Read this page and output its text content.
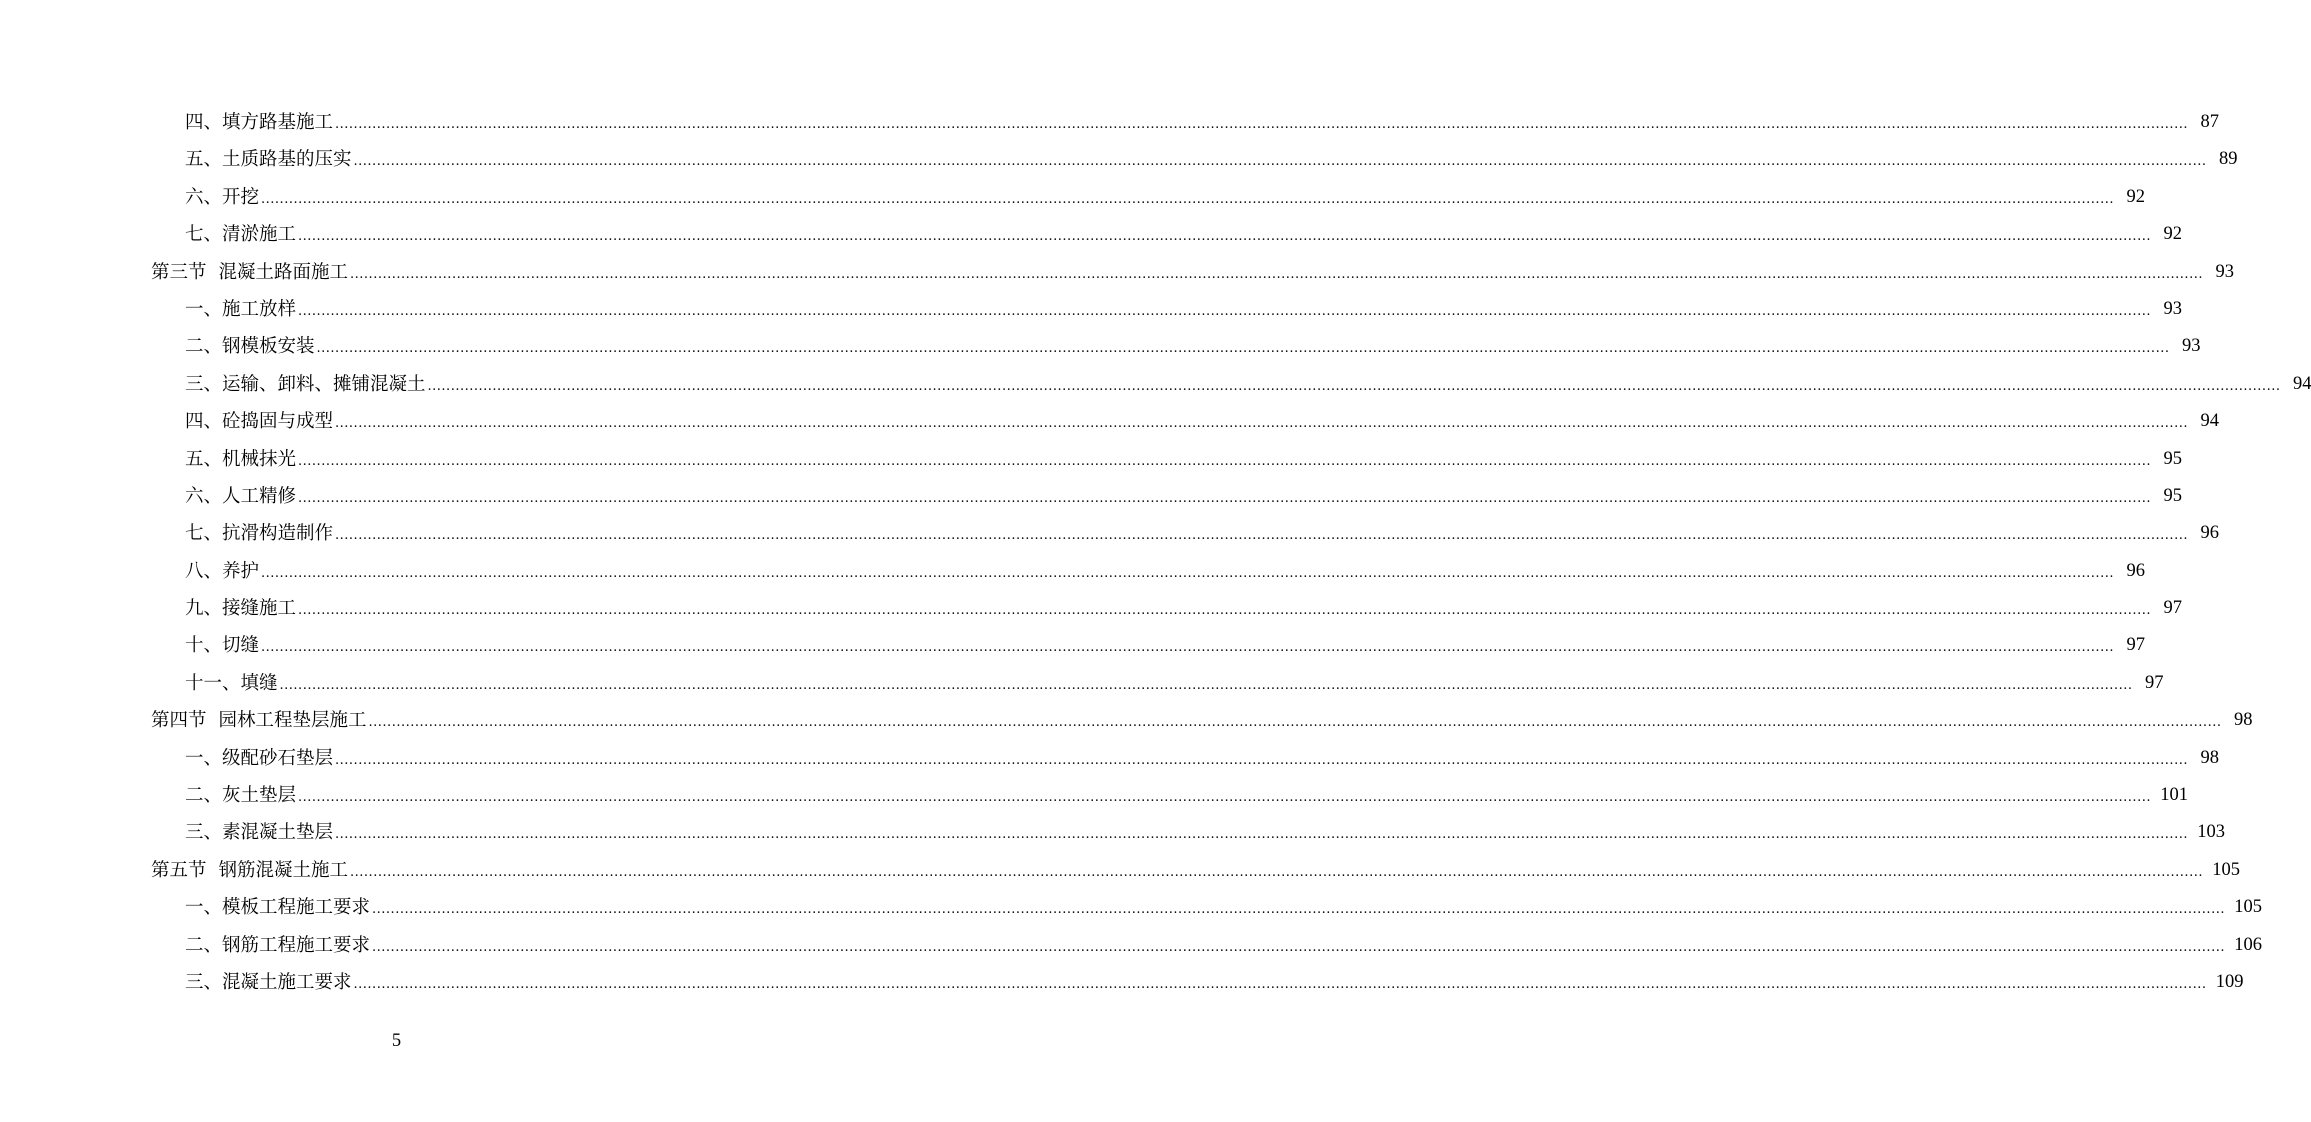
四、填方路基施工 ................................................................................................................................................................................................................................................................................................................................................................................................................ 87
五、土质路基的压实 ................................................................................................................................................................................................................................................................................................................................................................................................................ 89
六、开挖 ................................................................................................................................................................................................................................................................................................................................................................................................................ 92
七、清淤施工 ................................................................................................................................................................................................................................................................................................................................................................................................................ 92
第三节 混凝土路面施工 ................................................................................................................................................................................................................................................................................................................................................................................................................ 93
一、施工放样 ................................................................................................................................................................................................................................................................................................................................................................................................................ 93
二、钢模板安装 ................................................................................................................................................................................................................................................................................................................................................................................................................ 93
三、运输、卸料、摊铺混凝土 ................................................................................................................................................................................................................................................................................................................................................................................................................ 94
四、砼捣固与成型 ................................................................................................................................................................................................................................................................................................................................................................................................................ 94
五、机械抹光 ................................................................................................................................................................................................................................................................................................................................................................................................................ 95
六、人工精修 ................................................................................................................................................................................................................................................................................................................................................................................................................ 95
七、抗滑构造制作 ................................................................................................................................................................................................................................................................................................................................................................................................................ 96
八、养护 ................................................................................................................................................................................................................................................................................................................................................................................................................ 96
九、接缝施工 ................................................................................................................................................................................................................................................................................................................................................................................................................ 97
十、切缝 ................................................................................................................................................................................................................................................................................................................................................................................................................ 97
十一、填缝 ................................................................................................................................................................................................................................................................................................................................................................................................................ 97
第四节 园林工程垫层施工 ................................................................................................................................................................................................................................................................................................................................................................................................................ 98
一、级配砂石垫层 ................................................................................................................................................................................................................................................................................................................................................................................................................ 98
二、灰土垫层 ................................................................................................................................................................................................................................................................................................................................................................................................................ 101
三、素混凝土垫层 ................................................................................................................................................................................................................................................................................................................................................................................................................ 103
第五节 钢筋混凝土施工 ................................................................................................................................................................................................................................................................................................................................................................................................................ 105
一、模板工程施工要求 ................................................................................................................................................................................................................................................................................................................................................................................................................ 105
二、钢筋工程施工要求 ................................................................................................................................................................................................................................................................................................................................................................................................................ 106
三、混凝土施工要求 ................................................................................................................................................................................................................................................................................................................................................................................................................ 109
5
